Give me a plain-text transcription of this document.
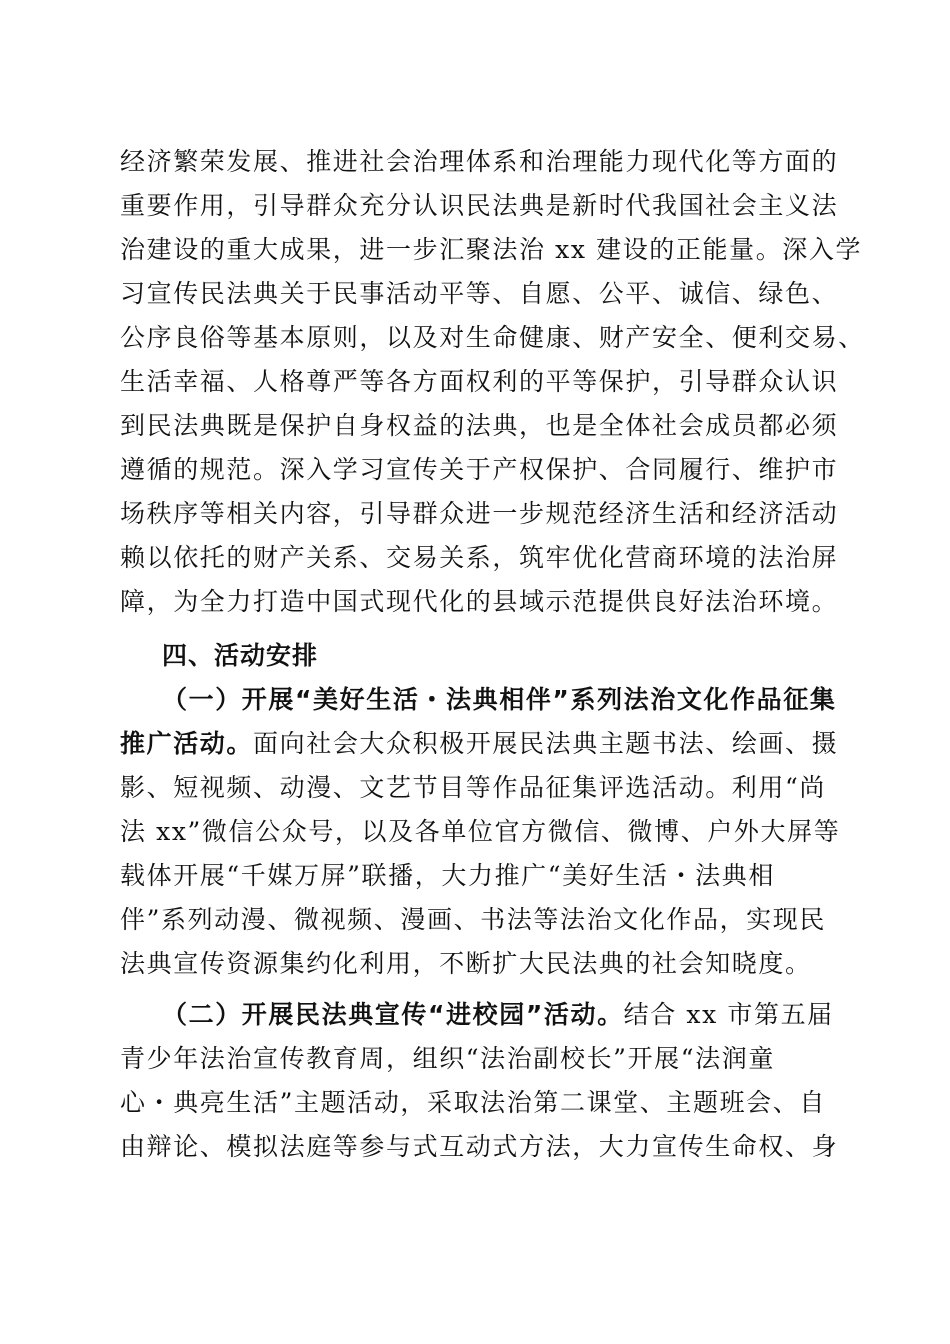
经济繁荣发展、推进社会治理体系和治理能力现代化等方面的
重要作用，引导群众充分认识民法典是新时代我国社会主义法
治建设的重大成果，进一步汇聚法治 xx 建设的正能量。深入学
习宣传民法典关于民事活动平等、自愿、公平、诚信、绿色、
公序良俗等基本原则，以及对生命健康、财产安全、便利交易、
生活幸福、人格尊严等各方面权利的平等保护，引导群众认识
到民法典既是保护自身权益的法典，也是全体社会成员都必须
遵循的规范。深入学习宣传关于产权保护、合同履行、维护市
场秩序等相关内容，引导群众进一步规范经济生活和经济活动
赖以依托的财产关系、交易关系，筑牢优化营商环境的法治屏
障，为全力打造中国式现代化的县域示范提供良好法治环境。
四、活动安排
（一）开展“美好生活・法典相伴”系列法治文化作品征集
推广活动。面向社会大众积极开展民法典主题书法、绘画、摄
影、短视频、动漫、文艺节目等作品征集评选活动。利用“尚
法 xx”微信公众号，以及各单位官方微信、微博、户外大屏等
载体开展“千媒万屏”联播，大力推广“美好生活・法典相
伴”系列动漫、微视频、漫画、书法等法治文化作品，实现民
法典宣传资源集约化利用，不断扩大民法典的社会知晓度。
（二）开展民法典宣传“进校园”活动。结合 xx 市第五届
青少年法治宣传教育周，组织“法治副校长”开展“法润童
心・典亮生活”主题活动，采取法治第二课堂、主题班会、自
由辩论、模拟法庭等参与式互动式方法，大力宣传生命权、身
